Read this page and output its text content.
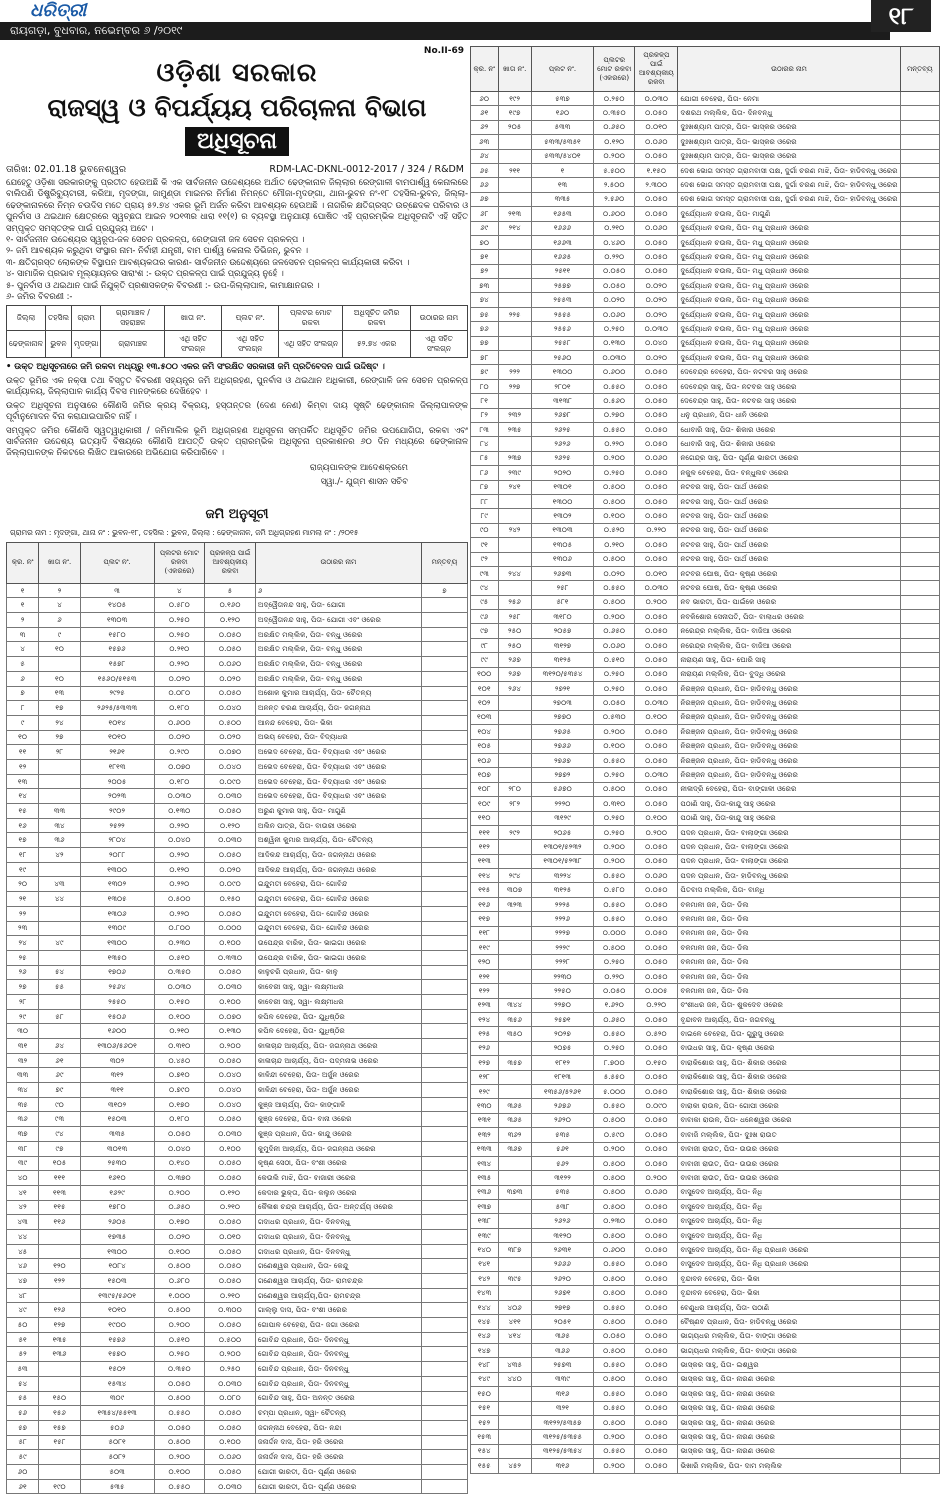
ଧରିତ୍ରୀ	୧୮
ରାୟଗଡ଼ା, ବୁଧବାର, ନଭେମ୍ବର ୬ /୨୦୧୯
No.II-69
ଓଡ଼ିଶା ସରକାର
ରାଜସ୍ୱ ଓ ବିପର୍ଯ୍ୟୟ ପରିଚାଳନା ବିଭାଗ
ଅଧିସୂଚନା
ତାରିଖ: 02.01.18 ଭୁବନେଶ୍ୱର	RDM-LAC-DKNL-0012-2017 / 324 / R&DM
ଯେହେତୁ ଓଡ଼ିଶା ସରକାରଙ୍କୁ ପ୍ରତୀତ ହେଉଅଛି କି ଏକ ସାର୍ବଜନୀନ ଉଦ୍ଦେଶ୍ୟରେ ଅର୍ଥାତ ଢେଙ୍କାନାଳ ଜିଲ୍ଲାର ରେଙ୍ଗାଳୀ ବାମପାର୍ଶ୍ୱ କେନାଲରେ ବାଲିପଣି ଡିଷ୍ଟ୍ରିବ୍ୟୁଟାରୀ, କରିଆ, ମୃଦଙ୍ଗା, ଜାମୁଣ୍ଡା ମାଇନର ନିର୍ମାଣ ନିମନ୍ତେ ମୌଜା-ମୃଦଙ୍ଗା, ଥାନା-ଭୁବନ ନଂ-୧୮ ତହସିଲ-ଭୁବନ, ଜିଲ୍ଲା-ଢେଙ୍କାନାଳରେ ନିମ୍ନ ଚଉଦିସ ମତେ ପ୍ରାୟ ୫୨.୭୪ ଏକର ଭୂମି ଅର୍ଜନ କରିବା ଆବଶ୍ୟକ ହେଉଅଛି । ନାଗରିକ କ୍ଷତିଗ୍ରସ୍ତ ଉଚ୍ଛେଦକ ପରିବାର ଓ ପୁନର୍ବାସ ଓ ଥଇଥାନ କ୍ଷେତ୍ରରେ ସ୍ୱଚ୍ଛତା ଆଇନ ୨୦୧୩ର ଧାରା ୧୧(୧) ର ବ୍ୟବସ୍ଥା ଅନୁଯାୟୀ ଘୋଷିତ ଏହି ପ୍ରାରମ୍ଭିକ ଅଧିସୂଚନାଟି ଏହି ସହିତ ସମ୍ପୃକ୍ତ ସମସ୍ତଙ୍କ ପାଇଁ ପ୍ରଯୁଜ୍ୟ ଅଟେ ।
୧- ସାର୍ବଜନୀନ ଉଦ୍ଦେଶ୍ୟର ସ୍ୱରୂପ-ଜଳ ସେଚନ ପ୍ରକଳ୍ପ, ରେଙ୍ଗାଳୀ ଜଳ ସେଚନ ପ୍ରକଳ୍ପ ।
୨- ଜମି ଆବଶ୍ୟକ କରୁଥିବା ସଂସ୍ଥାର ନାମ- ନିର୍ବାହୀ ଯନ୍ତ୍ରୀ, ବାମ ପାର୍ଶ୍ୱ କେନାଲ ଡିଭିଜନ୍, ଭୁବନ ।
୩- କ୍ଷତିଗ୍ରସ୍ତ ଲୋକଙ୍କ ବିସ୍ଥାପନ ଆବଶ୍ୟକତାର କାରଣ- ସାର୍ବଜନୀନ ଉଦ୍ଦେଶ୍ୟରେ ଜଳସେଚନ ପ୍ରକଳ୍ପ କାର୍ଯ୍ୟକାରୀ କରିବା ।
୪- ସାମାଜିକ ପ୍ରଭାବ ମୂଲ୍ୟାୟନର ସାରାଂଶ :- ଉକ୍ତ ପ୍ରକଳ୍ପ ପାଇଁ ପ୍ରଯୁଜ୍ୟ ନୁହେଁ ।
୫- ପୁନର୍ବାସ ଓ ଥଇଥାନ ପାଇଁ ନିଯୁକ୍ତି ପ୍ରଶାସକଙ୍କ ବିବରଣୀ :- ଉପ-ଜିଲ୍ଲାପାଳ, କାମାକ୍ଷାନଗର ।
୬- ଜମିର ବିବରଣୀ :-
ଜିଲ୍ଲା	ତହସିଲ	ଗ୍ରାମ	ଗ୍ରାମାଞ୍ଚଳ / ସହରାଞ୍ଚଳ	ଖାତା ନଂ.	ପ୍ଲଟ ନଂ.	ପ୍ଲଟର ମୋଟ ରକବା	ଅଧିସୂଚିତ ଜମିର ରକବା	ଉଠାରର ନାମ
ଢେଙ୍କାନାଳ	ଭୁବନ	ମୃଦଙ୍ଗା	ଗ୍ରାମାଞ୍ଚଳ	ଏଥି ସହିତ ସଂଲଗ୍ନ	ଏଥି ସହିତ ସଂଲଗ୍ନ	ଏଥି ସହିତ ସଂଲଗ୍ନ	୫୨.୭୪ ଏକର	ଏଥି ସହିତ ସଂଲଗ୍ନ
• ଉକ୍ତ ଅଧିସୂଚନାରେ ଜମି ରକବା ମଧ୍ୟରୁ ୧୩.୫୦୦ ଏକର ଜମି ସଂରକ୍ଷିତ ସରକାରୀ ଜମି ପ୍ରତିବେଦନ ପାଇଁ ଉଦ୍ଦିଷ୍ଟ ।
ଉକ୍ତ ଭୂମିର ଏକ ନକ୍ସା ତଥା ବିସ୍ତୃତ ବିବରଣୀ ସହ୍ୟନ୍ତ୍ର ଜମି ଅଧିଗ୍ରହଣ, ପୁନର୍ବାସ ଓ ଥଇଥାନ ଅଧିକାରୀ, ରେଙ୍ଗାଳି ଜଳ ସେଚନ ପ୍ରକଳ୍ପ କାର୍ଯ୍ୟାଳୟ, ଜିଲ୍ଲାପାଳ କାର୍ଯ୍ୟ ଦିବସ ମାନଙ୍କରେ ଦେଖିହେବ ।
ଉକ୍ତ ଅଧିସୂଚନା ଅନୁସାରେ କୌଣସି ଜମିର କ୍ରୟ ବିକ୍ରୟ, ହସ୍ତାନ୍ତର (ଦେଣ ନେଣ) କିମ୍ବା ଦାୟ ସୃଷ୍ଟି ଢେଙ୍କାନାଳ ଜିଲ୍ଲାପାଳଙ୍କ ପୂର୍ବାନୁମୋଦନ ବିନା କରାଯାଇପାରିବ ନାହିଁ ।
ସମ୍ପୃକ୍ତ ଜମିର କୌଣସି ସ୍ୱତ୍ୱାଧିକାରୀ / ଜମିମାଲିକ ଭୂମି ଅଧିଗ୍ରହଣ ଅଧିସୂଚନା ସମ୍ପର୍କିତ ଅଧିସୂଚିତ ଜମିର ଉପଯୋଗିତା, ରକବା ଏବଂ ସାର୍ବଜନୀନ ଉଦ୍ଦେଶ୍ୟ ଇତ୍ୟାଦି ବିଷୟରେ କୌଣସି ଆପତ୍ତି ଉକ୍ତ ପ୍ରାରମ୍ଭିକ ଅଧିସୂଚନା ପ୍ରକାଶନର ୬୦ ଦିନ ମଧ୍ୟରେ ଢେଙ୍କାନାଳ ଜିଲ୍ଲାପାଳଙ୍କ ନିକଟରେ ଲିଖିତ ଆକାରରେ ଅଭିଯୋଗ କରିପାରିବେ ।
ରାଜ୍ୟପାଳଙ୍କ ଆଦେଶକ୍ରମେ
ସ୍ୱା./- ଯୁଗ୍ମ ଶାସନ ସଚିବ
ଜମି ଅନୁସୂଚୀ
ଗ୍ରାମର ନାମ : ମୃଦଙ୍ଗା, ଥାନା ନଂ : ଭୁବନ-୧୮, ତହସିଲ : ଭୁବନ, ଜିଲ୍ଲା : ଢେଙ୍କାନାଳ, ଜମି ଅଧିଗ୍ରହଣ ମାମଲା ନଂ : /୨୦୧୫
କ୍ର. ନଂ	ଖାତା ନଂ.	ପ୍ଲଟ ନଂ.	ପ୍ଲଟର ମୋଟ ରକବା (ଏକରରେ)	ପ୍ରକଳ୍ପ ପାଇଁ ଆବଶ୍ୟକୀୟ ରକବା	ଉଠାରର ନାମ	ମନ୍ତବ୍ୟ
୧	୨	୩	୪	୫	୬	୭
୧	୪	୧୪୦୫	୦.୫୮୦	୦.୧୬୦	ଅଦ୍ୱୈତାନନ୍ଦ ସାହୁ, ପିତା- ଯୋଗୀ	
୨	୬	୧୩୦୩	୦.୨୫୦	୦.୧୨୦	ଅଦ୍ୱୈତାନନ୍ଦ ସାହୁ, ପିତା- ଯୋଗୀ ଏବଂ ଓରେର	
୩	୯	୧୫୮୦	୦.୨୫୦	୦.୦୫୦	ଅରକ୍ଷିତ ମଲ୍ଲିକ, ପିତା- ବନ୍ଧୁ ଓରେର	
୪	୧୦	୧୫୭୬	୦.୨୧୦	୦.୦୫୦	ଅରକ୍ଷିତ ମଲ୍ଲିକ, ପିତା- ବନ୍ଧୁ ଓରେର	
୫		୧୫୭୮	୦.୨୨୦	୦.୦୬୦	ଅରକ୍ଷିତ ମଲ୍ଲିକ, ପିତା- ବନ୍ଧୁ ଓରେର	
୬	୧୦	୧୫୬୦/୫୧୫୩	୦.୦୨୦	୦.୦୨୦	ଅରକ୍ଷିତ ମଲ୍ଲିକ, ପିତା- ବନ୍ଧୁ ଓରେର	
୭	୧୩	୨୯୨୫	୦.୦୮୦	୦.୦୫୦	ଅଶୋକ କୁମାର ଆଚାର୍ଯ୍ୟ, ପିତା- ଚୈତନ୍ୟ	
୮	୧୭	୨୬୨୫/୫୩୩୩	୦.୧୮୦	୦.୦୪୦	ଅନନ୍ତ ଚରଣ ଆଚାର୍ଯ୍ୟ, ପିତା- ଜଗନ୍ନାଥ	
୯	୨୪	୧୦୧୪	୦.୬୦୦	୦.୫୦୦	ଆନନ୍ଦ ବେହେରା, ପିତା- ଭିକା	
୧୦	୨୭	୧୦୧୦	୦.୦୨୦	୦.୦୨୦	ଅଭୟ ବେହେରା, ପିତା- ବିଦ୍ୟାଧର	
୧୧	୨୮	୨୧୬୧	୦.୨୯୦	୦.୦୭୦	ଅଭେଦ ବେହେରା, ପିତା- ବିଦ୍ୟାଧର ଏବଂ ଓରେର	
୧୨		୧୮୧୩	୦.୦୭୦	୦.୦୪୦	ଅଭେଦ ବେହେରା, ପିତା- ବିଦ୍ୟାଧର ଏବଂ ଓରେର	
୧୩		୨୦୦୫	୦.୧୮୦	୦.୦୯୦	ଅଭେଦ ବେହେରା, ପିତା- ବିଦ୍ୟାଧର ଏବଂ ଓରେର	
୧୪		୨୦୨୩	୦.୦୩୦	୦.୦୩୦	ଅଭେଦ ବେହେରା, ପିତା- ବିଦ୍ୟାଧର ଏବଂ ଓରେର	
୧୫	୩୩	୨୯୦୨	୦.୧୩୦	୦.୦୫୦	ଅରୁଣ କୁମାର ସାହୁ, ପିତା- ମାଗୁଣି	
୧୬	୩୪	୨୫୨୨	୦.୨୨୦	୦.୧୨୦	ଅଲିନ ପାତ୍ର, ପିତା- ବାଉରୀ ଓରେର	
୧୭	୩୬	୨୮୦୪	୦.୦୪୦	୦.୦୩୦	ଅଶ୍ୱିନୀ କୁମାର ଆଚାର୍ଯ୍ୟ, ପିତା- ଚୈତନ୍ୟ	
୧୮	୪୨	୨୦୮୮	୦.୨୨୦	୦.୦୫୦	ଆଦିକନ୍ଦ ଆଚାର୍ଯ୍ୟ, ପିତା- ଜଗନ୍ନାଥ ଓରେର	
୧୯		୧୩୦୦	୦.୧୨୦	୦.୦୨୦	ଆଦିକନ୍ଦ ଆଚାର୍ଯ୍ୟ, ପିତା- ଜଗନ୍ନାଥ ଓରେର	
୨୦	୪୩	୧୩୦୨	୦.୨୨୦	୦.୦୯୦	ଇନ୍ଦୁମତୀ ବେହେରା, ପିତା- ଗୋବିନ୍ଦ	
୨୧	୪୪	୧୩୦୫	୦.୫୦୦	୦.୧୫୦	ଇନ୍ଦୁମତୀ ବେହେରା, ପିତା- ଗୋବିନ୍ଦ ଓରେର	
୨୨		୧୩୦୬	୦.୨୨୦	୦.୦୫୦	ଇନ୍ଦୁମତୀ ବେହେରା, ପିତା- ଗୋବିନ୍ଦ ଓରେର	
୨୩		୧୩୦୯	୦.୮୦୦	୦.୦୦୦	ଇନ୍ଦୁମତୀ ବେହେରା, ପିତା- ଗୋବିନ୍ଦ ଓରେର	
୨୪	୪୯	୧୩୦୦	୦.୨୩୦	୦.୧୦୦	ଉପେନ୍ଦ୍ର ବାରିକ, ପିତା- ଭାଇଗା ଓରେର	
୨୫		୧୩୫୦	୦.୫୧୦	୦.୩୩୦	ଉପେନ୍ଦ୍ର ବାରିକ, ପିତା- ଭାଇଗା ଓରେର	
୨୬	୫୪	୧୭୦୬	୦.୩୫୦	୦.୦୫୦	କାଳୁଚରି ପ୍ରଧାନ, ପିତା- କାଳୁ	
୨୭	୫୫	୨୫୬୪	୦.୦୩୦	୦.୦୩୦	କାବେରୀ ସାହୁ, ସ୍ୱା- ଲକ୍ଷ୍ମୀଧର	
୨୮		୨୫୫୦	୦.୧୫୦	୦.୧୦୦	କାବେରୀ ସାହୁ, ସ୍ୱା- ଲକ୍ଷ୍ମୀଧର	
୨୯	୫୮	୧୫୦୬	୦.୧୦୦	୦.୦୭୦	କପିଳ ଦେହେରା, ପିତା- ଯୁଧିଷ୍ଠିର	
୩୦		୧୬୦୦	୦.୨୧୦	୦.୧୩୦	କପିଳ ଦେହେରା, ପିତା- ଯୁଧିଷ୍ଠିର	
୩୧	୬୪	୧୩୦୬/୫୬୦୧	୦.୩୧୦	୦.୨୦୦	କାଳାଚାନ୍ଦ ଆଚାର୍ଯ୍ୟ, ପିତା- ଜଗନ୍ନାଥ ଓରେର	
୩୨	୬୧	୩୦୨	୦.୪୫୦	୦.୦୫୦	କାଳାଚାନ୍ଦ ଆଚାର୍ଯ୍ୟ, ପିତା- ପଦ୍ମନାଭ ଓରେର	
୩୩	୬୯	୩୧୨	୦.୭୧୦	୦.୦୪୦	କାଳିନ୍ଦୀ ବେହେରା, ପିତା- ଅର୍ଜୁନ ଓରେର	
୩୪	୭୯	୩୧୧	୦.୭୯୦	୦.୦୪୦	କାଳିନ୍ଦୀ ବେହେରା, ପିତା- ଅର୍ଜୁନ ଓରେର	
୩୫	୯୦	୩୧୦୨	୦.୧୭୦	୦.୦୪୦	କୁଞ୍ଜ ଆଚାର୍ଯ୍ୟ, ପିତା- କାଙ୍ଗାଳି	
୩୬	୯୩	୧୫୦୩	୦.୧୮୦	୦.୦୫୦	କୁଞ୍ଜ ଦେହେରା, ପିତା- ବାନା ଓରେର	
୩୭	୯୪	୩୩୫	୦.୦୫୦	୦.୦୩୦	କୁଞ୍ଜ ପ୍ରଧାନ, ପିତା- କାନ୍ଦୁ ଓରେର	
୩୮	୯୭	୩୦୧୩	୦.୦୪୦	୦.୧୦୦	କୁମୁଦିନୀ ଆଚାର୍ଯ୍ୟ, ପିତା- ଜଗନ୍ନାଥ ଓରେର	
୩୯	୧୦୫	୨୫୩୦	୦.୧୪୦	୦.୦୫୦	କୃଷ୍ଣ ସେଠୀ, ପିତା- ବଂଶୀ ଓରେର	
୪୦	୧୧୧	୧୬୧୦	୦.୩୭୦	୦.୦୫୦	କେଉଲି ମାଝି, ପିତା- ବାଜାରୀ ଓରେର	
୪୧	୧୧୩	୧୬୨୯	୦.୨୦୦	୦.୧୨୦	କେଦାର ଭୁକ୍ତା, ପିତା- କଲୁନ ଓରେର	
୪୨	୧୧୫	୧୭୮୦	୦.୬୫୦	୦.୨୧୦	କୈଳାଶ ଚନ୍ଦ୍ର ଆଚାର୍ଯ୍ୟ, ପିତା- ଅନ୍ତର୍ଯ୍ୟ ଓରେର	
୪୩	୧୧୬	୨୬୦୫	୦.୧୭୦	୦.୦୫୦	ଗଦାଧର ପ୍ରଧାନ, ପିତା- ଦିନବନ୍ଧୁ	
୪୪		୧୭୩୫	୦.୦୨୦	୦.୦୧୦	ଗଦାଧର ପ୍ରଧାନ, ପିତା- ଦିନବନ୍ଧୁ	
୪୫		୧୩୦୦	୦.୧୦୦	୦.୦୫୦	ଗଦାଧର ପ୍ରଧାନ, ପିତା- ଦିନବନ୍ଧୁ	
୪୬	୧୨୦	୧୦୮୪	୦.୫୦୦	୦.୦୫୦	ଗଣେଶ୍ୱର ପ୍ରଧାନ, ପିତା- କେନ୍ଦୁ	
୪୭	୧୨୨	୧୫୦୩	୦.୬୮୦	୦.୦୫୦	ଗଣେଶ୍ୱର ଆଚାର୍ଯ୍ୟ, ପିତା- ରାମଚନ୍ଦ୍ର	
୪୮		୧୩୯୫/୫୬୦୧	୧.୦୦୦	୦.୨୧୦	ଗଣେଶ୍ୱର ଆଚାର୍ଯ୍ୟ,ପିତା- ରାମଚନ୍ଦ୍ର	
୪୯	୧୨୬	୧୦୧୦	୦.୫୦୦	୦.୩୦୦	ଗାଲ୍ଲୁ ଦାସ, ପିତା- ବଂଶୀ ଓରେର	
୫୦	୧୨୭	୧୯୦୦	୦.୨୦୦	୦.୦୫୦	ଗୋପାଳ ବେହେରା, ପିତା- ଜଗା ଓରେର	
୫୧	୧୩୫	୧୫୭୬	୦.୫୧୦	୦.୫୦୦	ଗୋବିନ୍ଦ ପ୍ରଧାନ, ପିତା- ଦିନବନ୍ଧୁ	
୫୨	୧୩୬	୧୫୭୦	୦.୨୫୦	୦.୨୦୦	ଗୋବିନ୍ଦ ପ୍ରଧାନ, ପିତା- ଦିନବନ୍ଧୁ	
୫୩		୧୫୦୨	୦.୩୫୦	୦.୨୫୦	ଗୋବିନ୍ଦ ପ୍ରଧାନ, ପିତା- ଦିନବନ୍ଧୁ	
୫୪		୧୫୩୪	୦.୦୫୦	୦.୦୩୦	ଗୋବିନ୍ଦ ପ୍ରଧାନ, ପିତା- ଦିନବନ୍ଧୁ	
୫୫	୧୫୦	୩୦୯	୦.୫୦୦	୦.୦୮୦	ଗୋବିନ୍ଦ ସାହୁ, ପିତା- ଅନନ୍ତ ଓରେର	
୫୬	୧୫୬	୧୩୫୪/୫୫୧୩	୦.୫୫୦	୦.୦୫୦	ଚମ୍ପା ପ୍ରଧାନ, ସ୍ୱା- ଚୈତନ୍ୟ	
୫୭	୧୫୭	୫୦୬	୦.୦୫୦	୦.୦୫୦	ଜଗନ୍ନାଥ ବେହେରା, ପିତା- ନନ୍ଦା	
୫୮	୧୫୮	୫୦୮୧	୦.୫୦୦	୦.୧୦୦	ଜନାର୍ଦ୍ଦନ ଦାସ, ପିତା- ହରି ଓରେର	
୫୯		୫୦୮୨	୦.୨୦୦	୦.୦୬୦	ଜନାର୍ଦ୍ଦନ ଦାସ, ପିତା- ହରି ଓରେର	
୬୦		୫୦୩	୦.୧୦୦	୦.୦୫୦	ଯୋଗୀ ଭାରତୀ, ପିତା- ପୂର୍ଣ୍ଣ ଓରେର	
୬୧	୧୯୦	୫୩୫	୦.୫୫୦	୦.୦୩୦	ଯୋଗୀ ଭାରତୀ, ପିତା- ପୂର୍ଣ୍ଣ ଓରେର	
କ୍ର. ନଂ	ଖାତା ନଂ.	ପ୍ଲଟ ନଂ.	ପ୍ଲଟର ମୋଟ ରକବା (ଏକରରେ)	ପ୍ରକଳ୍ପ ପାଇଁ ଆବଶ୍ୟକୀୟ ରକବା	ଉଠାରର ନାମ	ମନ୍ତବ୍ୟ
୬୦	୧୯୨	୫୩୭	୦.୨୫୦	୦.୦୩୦	ଯୋଗୀ ବେହେରା, ପିତା- ନେମା	
୬୧	୧୯୭	୧୬୦	୦.୩୫୦	୦.୦୫୦	ଦଶରଥ ମଲ୍ଲିକ, ପିତା- ଦିନବନ୍ଧୁ	
୬୨	୨୦୫	୫୩୩	୦.୬୫୦	୦.୦୧୦	ଦୁଃଖଶ୍ୟାମ ପାତ୍ର, ପିତା- ଭାସ୍କର ଓରେର	
୬୩		୫୩୩/୫୩୫୧	୦.୧୨୦	୦.୦୬୦	ଦୁଃଖଶ୍ୟାମ ପାତ୍ର, ପିତା- ଭାସ୍କର ଓରେର	
୬୪		୫୩୩/୫୪୦୧	୦.୨୦୦	୦.୦୫୦	ଦୁଃଖଶ୍ୟାମ ପାତ୍ର, ପିତା- ଭାସ୍କର ଓରେର	
୬୫	୨୧୧	୧	୫.୫୦୦	୧.୧୫୦	ଦେଶ ଭୋଗ ସମସ୍ତ ଗ୍ରାମବାସୀ ପକ୍ଷ, ଦୁର୍ଗା ଚରଣ ମାଝି, ପିତା- ହାଡିବନ୍ଧୁ ଓରେର	
୬୬		୧୩	୨.୫୦୦	୨.୩୦୦	ଦେଶ ଭୋଗ ସମସ୍ତ ଗ୍ରାମବାସୀ ପକ୍ଷ, ଦୁର୍ଗା ଚରଣ ମାଝି, ପିତା- ହାଡିବନ୍ଧୁ ଓରେର	
୬୭		୩୩୫	୨.୫୬୦	୦.୦୫୦	ଦେଶ ଭୋଗ ସମସ୍ତ ଗ୍ରାମବାସୀ ପକ୍ଷ, ଦୁର୍ଗା ଚରଣ ମାଝି, ପିତା- ହାଡିବନ୍ଧୁ ଓରେର	
୬୮	୨୧୩	୧୬୫୩	୦.୬୦୦	୦.୦୫୦	ଦୁର୍ଯ୍ୟୋଧନ ଚଉଲ, ପିତା- ମାଗୁଣି	
୬୯	୨୧୪	୧୬୬୬	୦.୨୧୦	୦.୦୬୦	ଦୁର୍ଯ୍ୟୋଧନ ଚଉଲ, ପିତା- ମଧୁ ପ୍ରଧାନ ଓରେର	
୭୦		୧୬୬୩	୦.୪୬୦	୦.୦୫୦	ଦୁର୍ଯ୍ୟୋଧନ ଚଉଲ, ପିତା- ମଧୁ ପ୍ରଧାନ ଓରେର	
୭୧		୧୬୬୫	୦.୨୨୦	୦.୦୫୦	ଦୁର୍ଯ୍ୟୋଧନ ଚଉଲ, ପିତା- ମଧୁ ପ୍ରଧାନ ଓରେର	
୭୨		୨୫୧୧	୦.୦୫୦	୦.୦୫୦	ଦୁର୍ଯ୍ୟୋଧନ ଚଉଲ, ପିତା- ମଧୁ ପ୍ରଧାନ ଓରେର	
୭୩		୨୫୭୭	୦.୦୫୦	୦.୦୨୦	ଦୁର୍ଯ୍ୟୋଧନ ଚଉଲ, ପିତା- ମଧୁ ପ୍ରଧାନ ଓରେର	
୭୪		୨୫୫୩	୦.୦୨୦	୦.୦୨୦	ଦୁର୍ଯ୍ୟୋଧନ ଚଉଲ, ପିତା- ମଧୁ ପ୍ରଧାନ ଓରେର	
୭୫	୨୨୫	୨୫୫୫	୦.୦୬୦	୦.୦୨୦	ଦୁର୍ଯ୍ୟୋଧନ ଚଉଲ, ପିତା- ମଧୁ ପ୍ରଧାନ ଓରେର	
୭୬		୨୫୫୬	୦.୨୫୦	୦.୦୩୦	ଦୁର୍ଯ୍ୟୋଧନ ଚଉଲ, ପିତା- ମଧୁ ପ୍ରଧାନ ଓରେର	
୭୭		୨୫୫୮	୦.୧୩୦	୦.୦୪୦	ଦୁର୍ଯ୍ୟୋଧନ ଚଉଲ, ପିତା- ମଧୁ ପ୍ରଧାନ ଓରେର	
୭୮		୨୫୬୦	୦.୦୩୦	୦.୦୨୦	ଦୁର୍ଯ୍ୟୋଧନ ଚଉଲ, ପିତା- ମଧୁ ପ୍ରଧାନ ଓରେର	
୭୯	୨୨୨	୧୩୦୦	୦.୬୦୦	୦.୦୫୦	ଦେବେନ୍ଦ୍ର ବେହେରା, ପିତା- ନଟବର ସାହୁ ଓରେର	
୮୦	୨୨୭	୨୮୦୧	୦.୫୫୦	୦.୦୫୦	ଦେବେନ୍ଦ୍ର ସାହୁ, ପିତା- ନଟବର ସାହୁ ଓରେର	
୮୧		୩୧୩୮	୦.୫୬୦	୦.୦୫୦	ଦେବେନ୍ଦ୍ର ସାହୁ, ପିତା- ନଟବର ସାହୁ ଓରେର	
୮୨	୨୩୨	୨୬୭୮	୦.୨୭୦	୦.୦୫୦	ଧନୁ ପ୍ରଧାନ, ପିତା- ଧାନି ଓରେର	
୮୩	୨୩୫	୨୬୨୫	୦.୫୫୦	୦.୦୫୦	ଧୋବାରି ସାହୁ, ପିତା- ଶିକାର ଓରେର	
୮୪		୨୬୨୬	୦.୨୨୦	୦.୦୫୦	ଧୋବାରି ସାହୁ, ପିତା- ଶିକାର ଓରେର	
୮୫	୨୩୭	୨୬୨୫	୦.୨୦୦	୦.୦୬୦	ନଗେନ୍ଦ୍ର ସାହୁ, ପିତା- ପୂର୍ଣ୍ଣ ଭାରତୀ ଓରେର	
୮୬	୨୩୯	୨୦୨୦	୦.୨୫୦	୦.୦୫୦	ନକୁଳ ବେହେରା, ପିତା- ବନ୍ଧୁଲଚ ଓରେର	
୮୭	୨୪୧	୧୩୦୧	୦.୫୦୦	୦.୦୫୦	ନଟବର ସାହୁ, ପିତା- ପାର୍ଥ ଓରେର	
୮୮		୧୩୦୦	୦.୫୦୦	୦.୦୫୦	ନଟବର ସାହୁ, ପିତା- ପାର୍ଥ ଓରେର	
୮୯		୧୩୦୨	୦.୧୦୦	୦.୦୫୦	ନଟବର ସାହୁ, ପିତା- ପାର୍ଥ ଓରେର	
୯୦	୨୪୨	୧୩୦୩	୦.୫୨୦	୦.୨୨୦	ନଟବର ସାହୁ, ପିତା- ପାର୍ଥ ଓରେର	
୯୧		୧୩୦୫	୦.୨୧୦	୦.୦୫୦	ନଟବର ସାହୁ, ପିତା- ପାର୍ଥ ଓରେର	
୯୨		୧୩୦୬	୦.୫୦୦	୦.୦୫୦	ନଟବର ସାହୁ, ପିତା- ପାର୍ଥ ଓରେର	
୯୩	୨୪୪	୨୬୭୩	୦.୦୨୦	୦.୦୧୦	ନଟବର ଘୋଷ, ପିତା- କୃଷ୍ଣ ଓରେର	
୯୪		୨୫୮	୦.୫୫୦	୦.୦୩୦	ନଟବର ଘୋଷ, ପିତା- କୃଷ୍ଣ ଓରେର	
୯୫	୨୫୬	୫୮୧	୦.୫୦୦	୦.୨୦୦	ନବ ଭାରତୀ, ପିତା- ପାଇଁକେ ଓରେର	
୯୬	୨୫୮	୩୧୮୦	୦.୨୦୦	୦.୦୫୦	ନବକିଶୋର ସେନାପତି, ପିତା- ବାଲାଧର ଓରେର	
୯୭	୨୫୦	୨୦୫୭	୦.୬୫୦	୦.୦୫୦	ନରେନ୍ଦ୍ର ମଲ୍ଲିକ, ପିତା- ବାଜିଆ ଓରେର	
୯୮	୨୫୦	୩୧୨୭	୦.୦୬୦	୦.୦୫୦	ନରେନ୍ଦ୍ର ମଲ୍ଲିକ, ପିତା- ବାଜିଆ ଓରେର	
୯୯	୨୬୭	୩୧୨୫	୦.୫୧୦	୦.୦୫୦	ନାରାୟଣ ସାହୁ, ପିତା- ଘୋରି ସାହୁ	
୧୦୦	୨୬୭	୩୧୨୦/୫୩୫୪	୦.୨୫୦	୦.୦୫୦	ନାରାୟଣ ମଲ୍ଲିକ, ପିତା- ବୁଦ୍ଧି ଓରେର	
୧୦୧	୨୬୪	୨୭୨୧	୦.୨୫୦	୦.୦୫୦	ନିରଞ୍ଜନ ପ୍ରଧାନ, ପିତା- ହାଡିବନ୍ଧୁ ଓରେର	
୧୦୨		୨୭୦୩	୦.୦୫୦	୦.୦୩୦	ନିରଞ୍ଜନ ପ୍ରଧାନ, ପିତା- ହାଡିବନ୍ଧୁ ଓରେର	
୧୦୩		୨୭୭୦	୦.୫୩୦	୦.୧୦୦	ନିରଞ୍ଜନ ପ୍ରଧାନ, ପିତା- ହାଡିବନ୍ଧୁ ଓରେର	
୧୦୪		୨୭୬୫	୦.୨୦୦	୦.୦୫୦	ନିରଞ୍ଜନ ପ୍ରଧାନ, ପିତା- ହାଡିବନ୍ଧୁ ଓରେର	
୧୦୫		୨୭୬୬	୦.୧୦୦	୦.୦୫୦	ନିରଞ୍ଜନ ପ୍ରଧାନ, ପିତା- ହାଡିବନ୍ଧୁ ଓରେର	
୧୦୬		୨୭୬୭	୦.୫୫୦	୦.୦୫୦	ନିରଞ୍ଜନ ପ୍ରଧାନ, ପିତା- ହାଡିବନ୍ଧୁ ଓରେର	
୧୦୭		୨୭୭୨	୦.୨୫୦	୦.୦୩୦	ନିରଞ୍ଜନ ପ୍ରଧାନ, ପିତା- ହାଡିବନ୍ଧୁ ଓରେର	
୧୦୮	୨୮୦	୫୬୭୦	୦.୫୦୦	୦.୦୫୦	ନୀଳାଦ୍ରି ବେହେରା, ପିତା- ବାଙ୍ଗାଳୀ ଓରେର	
୧୦୯	୨୮୨	୨୨୨୦	୦.୩୧୦	୦.୦୫୦	ପଠାଣି ସାହୁ, ପିତା-କାନ୍ଦୁ ସାହୁ ଓରେର	
୧୧୦		୩୧୨୯	୦.୨୫୦	୦.୧୦୦	ପଠାଣି ସାହୁ, ପିତା-କାନ୍ଦୁ ସାହୁ ଓରେର	
୧୧୧	୨୯୨	୨୦୬୫	୦.୨୫୦	୦.୨୦୦	ପଦନ ପ୍ରଧାନ, ପିତା- ବାଲାଙ୍ଗା ଓରେର	
୧୧୨		୧୩୦୧/୫୨୩୨	୦.୨୦୦	୦.୦୫୦	ପଦନ ପ୍ରଧାନ, ପିତା- ବାଲାଙ୍ଗା ଓରେର	
୧୧୩		୧୩୦୧/୫୨୩୮	୦.୨୦୦	୦.୦୫୦	ପଦନ ପ୍ରଧାନ, ପିତା- ବାଲାଙ୍ଗା ଓରେର	
୧୧୪	୨୯୪	୩୨୨୪	୦.୫୫୦	୦.୦୬୦	ପଦନ ପ୍ରଧାନ, ପିତା- ହାଡିବନ୍ଧୁ ଓରେର	
୧୧୫	୩୦୭	୩୧୨୫	୦.୫୮୦	୦.୦୫୦	ପିତବାସ ମଲ୍ଲିକ, ପିତା- ବାନ୍ଧି	
୧୧୬	୩୨୩	୨୨୨୫	୦.୫୫୦	୦.୦୫୦	ବଳମାଳୀ ଜନ, ପିତା- ଡିଲ	
୧୧୭		୨୨୨୬	୦.୫୫୦	୦.୦୫୦	ବଳମାଳୀ ଜନ, ପିତା- ଡିଲ	
୧୧୮		୨୨୨୭	୦.୦୦୦	୦.୦୫୦	ବଳମାଳୀ ଜନ, ପିତା- ଡିଲ	
୧୧୯		୨୨୨୯	୦.୫୦୦	୦.୦୫୦	ବଳମାଳୀ ଜନ, ପିତା- ଡିଲ	
୧୨୦		୨୨୨୮	୦.୨୫୦	୦.୦୫୦	ବଳମାଳୀ ଜନ, ପିତା- ଡିଲ	
୧୨୧		୨୨୩୦	୦.୨୨୦	୦.୦୫୦	ବଳମାଳୀ ଜନ, ପିତା- ଡିଲ	
୧୨୨		୨୨୫୦	୦.୦୫୦	୦.୦୦୫	ବଳମାଳୀ ଜନ, ପିତା- ଡିଲ	
୧୨୩	୩୪୪	୨୨୭୦	୧.୬୨୦	୦.୨୨୦	ବଂଶୀଧର ଜନ, ପିତା- ଶୁକଦେବ ଓରେର	
୧୨୪	୩୫୬	୨୫୭୧	୦.୬୫୦	୦.୦୫୦	ବୃନ୍ଦାବନ ଆଚାର୍ଯ୍ୟ, ପିତା- ଜଗବନ୍ଧୁ	
୧୨୫	୩୫୦	୨୦୨୭	୦.୫୫୦	୦.୫୨୦	ବାଇଳେ ବେହେରା, ପିତା- ଗୁରୁସୁ ଓରେର	
୧୨୬		୨୦୭୫	୦.୨୫୦	୦.୦୫୦	ବାଉଧର ସାହୁ, ପିତା- କୃଷ୍ଣ ଓରେର	
୧୨୭	୩୫୭	୧୮୧୨	୮.୭୦୦	୦.୧୫୦	ବାରାକିଶୋର ସାହୁ, ପିତା- ଶିକାର ଓରେର	
୧୨୮		୧୮୧୩	୫.୫୫୦	୦.୦୫୦	ବାରାକିଶୋର ସାହୁ, ପିତା- ଶିକାର ଓରେର	
୧୨୯		୧୩୫୬/୫୨୬୧	୫.୦୦୦	୦.୦୫୦	ବାରାକିଶୋର ସାହୁ, ପିତା- ଶିକାର ଓରେର	
୧୩୦	୩୬୫	୨୬୭୬	୦.୫୫୦	୦.୦୯୦	ବାରାକା ରାଉଳ, ପିତା- ଗୋପୀ ଓରେର	
୧୩୧	୩୬୫	୨୬୨୦	୦.୫୦୦	୦.୦୫୦	ବାବାକା ରାଉଳ, ପିତା- ଧନେଶ୍ୱର ଓରେର	
୧୩୨	୩୬୨	୫୩୫	୦.୫୯୦	୦.୦୫୦	ବାବାଜି ମଲ୍ଲିକ, ପିତା- ଦୁଃଖ ରାଉତ	
୧୩୩	୩୬୭	୫୬୧	୦.୨୦୦	୦.୦୫୦	ବାବାଜୀ ରାଉତ, ପିତା- ଉଉର ଓରେର	
୧୩୪		୫୬୨	୦.୫୦୦	୦.୦୫୦	ବାବାଜୀ ରାଉତ, ପିତା- ଉଉର ଓରେର	
୧୩୫		୩୧୨୨	୦.୫୦୦	୦.୨୦୦	ବାବାଜୀ ରାଉତ, ପିତା- ଉଉର ଓରେର	
୧୩୬	୩୭୩	୫୩୫	୦.୫୦୦	୦.୦୬୦	ବାସୁଦେବ ଆଚାର୍ଯ୍ୟ, ପିତା- ନିଧି	
୧୩୭		୫୩୮	୦.୫୦୦	୦.୦୫୦	ବାସୁଦେବ ଆଚାର୍ଯ୍ୟ, ପିତା- ନିଧି	
୧୩୮		୨୬୨୬	୦.୨୩୦	୦.୦୫୦	ବାସୁଦେବ ଆଚାର୍ଯ୍ୟ, ପିତା- ନିଧି	
୧୩୯		୩୧୨୦	୦.୫୦୦	୦.୦୫୦	ବାସୁଦେବ ଆଚାର୍ଯ୍ୟ, ପିତା- ନିଧି	
୧୪୦	୩୮୭	୨୬୩୧	୦.୬୦୦	୦.୦୫୦	ବାସୁଦେବ ଆଚାର୍ଯ୍ୟ, ପିତା- ନିଧି ପ୍ରଧାନ ଓରେର	
୧୪୧		୨୬୬୬	୦.୫୫୦	୦.୦୫୦	ବାସୁଦେବ ଆଚାର୍ଯ୍ୟ, ପିତା- ନିଧି ପ୍ରଧାନ ଓରେର	
୧୪୨	୩୯୫	୨୬୨୦	୦.୫୦୦	୦.୦୫୦	ବୃନ୍ଦାବନ ବେହେରା, ପିତା- ଭିକା	
୧୪୩		୨୬୭୧	୦.୫୦୦	୦.୦୫୦	ବୃନ୍ଦାବନ ବେହେରା, ପିତା- ଭିକା	
୧୪୪	୪୦୬	୨୭୧୭	୦.୫୫୦	୦.୦୫୦	ବେଣୁଧର ଆଚାର୍ଯ୍ୟ, ପିତା- ପଠାଣି	
୧୪୫	୪୧୧	୨୦୫୧	୦.୫୦୦	୦.୦୫୦	ବୈଷ୍ଣବ ପ୍ରଧାନ, ପିତା- ହାଡିବନ୍ଧୁ ଓରେର	
୧୪୬	୪୧୪	୩୬୫	୦.୦୫୦	୦.୦୫୦	ଭାଗ୍ୟଧର ମଲ୍ଲିକ, ପିତା- ବାଙ୍ଗା ଓରେର	
୧୪୭		୩୬୬	୦.୫୦୦	୦.୦୫୦	ଭାଗ୍ୟଧର ମଲ୍ଲିକ, ପିତା- ବାଙ୍ଗା ଓରେର	
୧୪୮	୪୩୫	୨୫୭୩	୦.୫୫୦	୦.୦୫୦	ଭାସ୍କର ସାହୁ, ପିତା- ଇଶ୍ୱର	
୧୪୯	୪୪୦	୩୩୯	୦.୫୦୦	୦.୦୫୦	ଭାସ୍କର ସାହୁ, ପିତା- ନାରଣ ଓରେର	
୧୫୦		୩୧୬	୦.୫୫୦	୦.୦୫୦	ଭାସ୍କର ସାହୁ, ପିତା- ନାରଣ ଓରେର	
୧୫୧		୩୨୧	୦.୫୫୦	୦.୦୫୦	ଭାସ୍କର ସାହୁ, ପିତା- ନାରଣ ଓରେର	
୧୫୨		୩୧୨୨/୫୩୫୭	୦.୫୦୦	୦.୦୫୦	ଭାସ୍କର ସାହୁ, ପିତା- ନାରଣ ଓରେର	
୧୫୩		୩୧୨୫/୫୩୫୫	୦.୨୦୦	୦.୦୫୦	ଭାସ୍କର ସାହୁ, ପିତା- ନାରଣ ଓରେର	
୧୫୪		୩୧୨୫/୫୩୫୪	୦.୫୫୦	୦.୦୫୦	ଭାସ୍କର ସାହୁ, ପିତା- ନାରଣ ଓରେର	
୧୫୫	୪୫୨	୩୧୬	୦.୨୦୦	୦.୦୫୦	ଭିଖାରି ମଲ୍ଲିକ, ପିତା- ଦାମ ମଲ୍ଲିକ	
